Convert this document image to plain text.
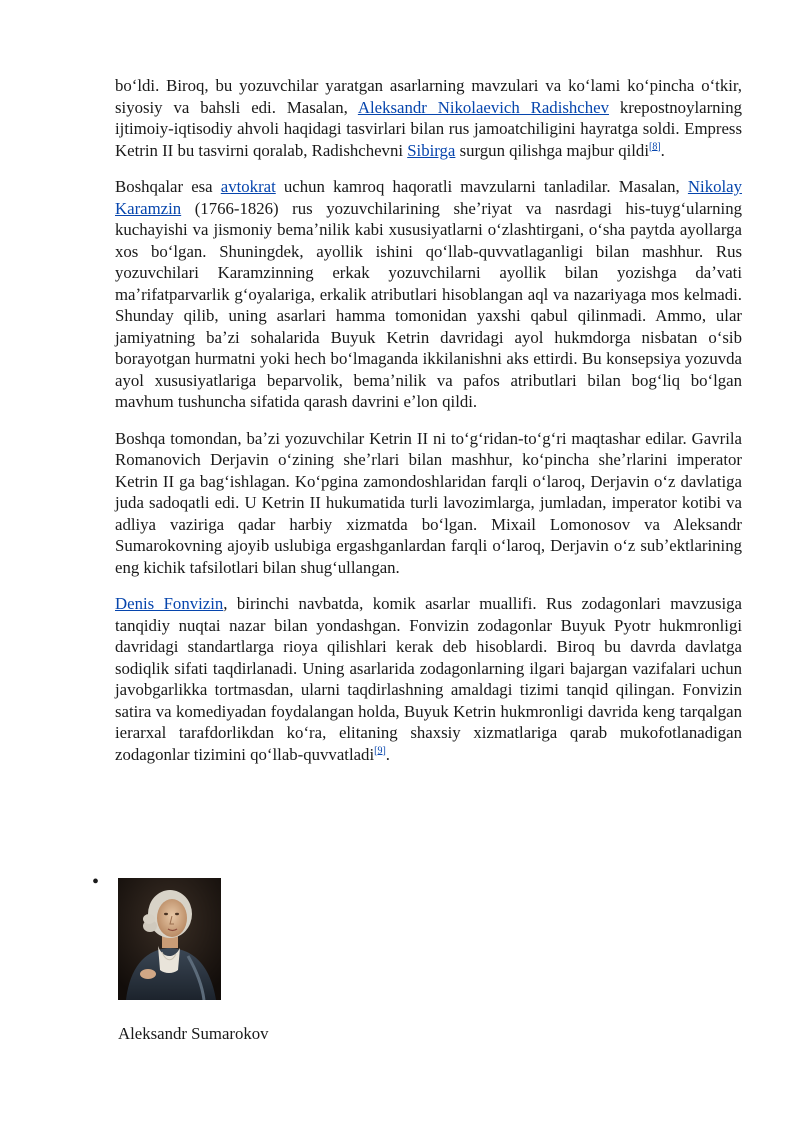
boʻldi. Biroq, bu yozuvchilar yaratgan asarlarning mavzulari va koʻlami koʻpincha oʻtkir, siyosiy va bahsli edi. Masalan, Aleksandr Nikolaevich Radishchev krepostnoylarning ijtimoiy-iqtisodiy ahvoli haqidagi tasvirlari bilan rus jamoatchiligini hayratga soldi. Empress Ketrin II bu tasvirni qoralab, Radishchevni Sibirga surgun qilishga majbur qildi[8].

Boshqalar esa avtokrat uchun kamroq haqoratli mavzularni tanladilar. Masalan, Nikolay Karamzin (1766-1826) rus yozuvchilarining sheʼriyat va nasrdagi his-tuygʻularning kuchayishi va jismoniy bemaʼnilik kabi xususiyatlarni oʻzlashtirgani, oʻsha paytda ayollarga xos boʻlgan. Shuningdek, ayollik ishini qoʻllab-quvvatlaganligi bilan mashhur. Rus yozuvchilari Karamzinning erkak yozuvchilarni ayollik bilan yozishga daʼvati maʼrifatparvarlik gʻoyalariga, erkalik atributlari hisoblangan aql va nazariyaga mos kelmadi. Shunday qilib, uning asarlari hamma tomonidan yaxshi qabul qilinmadi. Ammo, ular jamiyatning baʼzi sohalarida Buyuk Ketrin davridagi ayol hukmdorga nisbatan oʻsib borayotgan hurmatni yoki hech boʻlmaganda ikkilanishni aks ettirdi. Bu konsepsiya yozuvda ayol xususiyatlariga beparvolik, bemaʼnilik va pafos atributlari bilan bogʻliq boʻlgan mavhum tushuncha sifatida qarash davrini eʼlon qildi.

Boshqa tomondan, baʼzi yozuvchilar Ketrin II ni toʻgʻridan-toʻgʻri maqtashar edilar. Gavrila Romanovich Derjavin oʻzining sheʼrlari bilan mashhur, koʻpincha sheʼrlarini imperator Ketrin II ga bagʻishlagan. Koʻpgina zamondoshlaridan farqli oʻlaroq, Derjavin oʻz davlatiga juda sadoqatli edi. U Ketrin II hukumatida turli lavozimlarga, jumladan, imperator kotibi va adliya vaziriga qadar harbiy xizmatda boʻlgan. Mixail Lomonosov va Aleksandr Sumarokovning ajoyib uslubiga ergashganlardan farqli oʻlaroq, Derjavin oʻz subʼektlarining eng kichik tafsilotlari bilan shugʻullangan.

Denis Fonvizin, birinchi navbatda, komik asarlar muallifi. Rus zodagonlari mavzusiga tanqidiy nuqtai nazar bilan yondashgan. Fonvizin zodagonlar Buyuk Pyotr hukmronligi davridagi standartlarga rioya qilishlari kerak deb hisoblardi. Biroq bu davrda davlatga sodiqlik sifati taqdirlanadi. Uning asarlarida zodagonlarning ilgari bajargan vazifalari uchun javobgarlikka tortmasdan, ularni taqdirlashning amaldagi tizimi tanqid qilingan. Fonvizin satira va komediyadan foydalangan holda, Buyuk Ketrin hukmronligi davrida keng tarqalgan ierarxal tarafdorlikdan koʻra, elitaning shaxsiy xizmatlariga qarab mukofotlanadigan zodagonlar tizimini qoʻllab-quvvatladi[9].

•
Aleksandr Sumarokov
